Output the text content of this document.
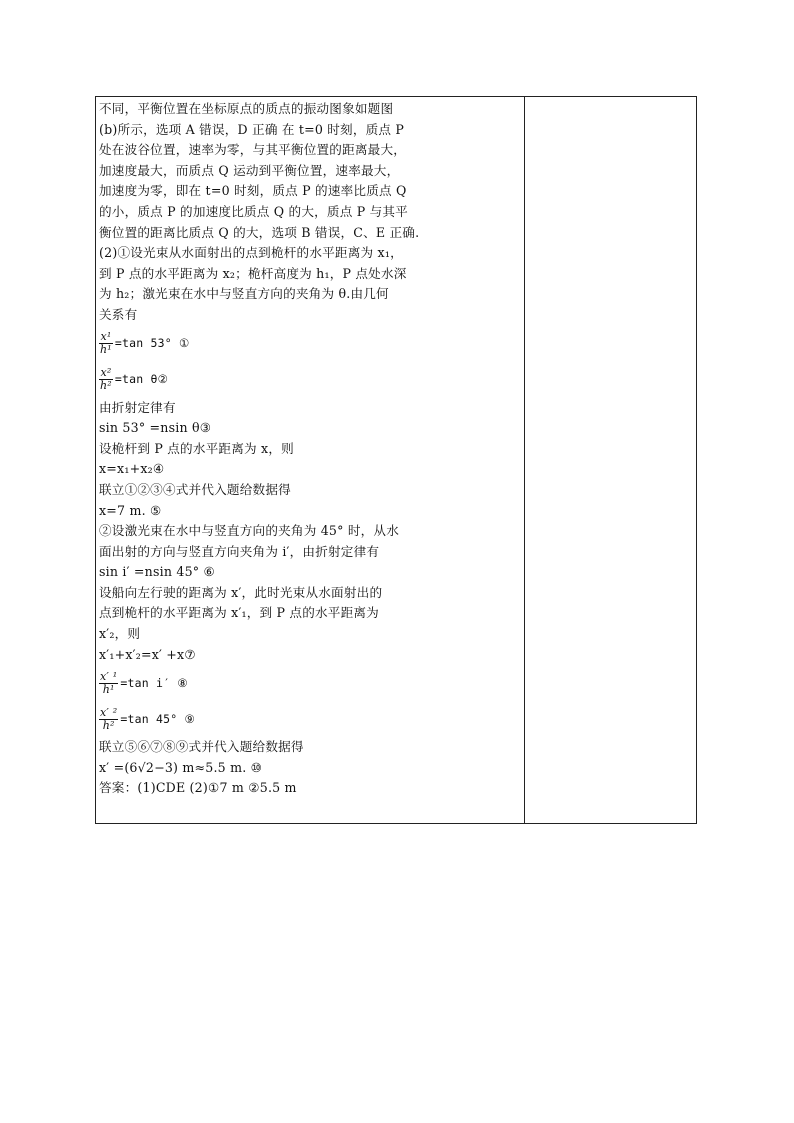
不同，平衡位置在坐标原点的质点的振动图象如题图
(b)所示，选项 A 错误，D 正确 在 t=0 时刻，质点 P
处在波谷位置，速率为零，与其平衡位置的距离最大，
加速度最大，而质点 Q 运动到平衡位置，速率最大，
加速度为零，即在 t=0 时刻，质点 P 的速率比质点 Q
的小，质点 P 的加速度比质点 Q 的大，质点 P 与其平
衡位置的距离比质点 Q 的大，选项 B 错误，C、E 正确.
(2)①设光束从水面射出的点到桅杆的水平距离为 x₁，
到 P 点的水平距离为 x₂；桅杆高度为 h₁，P 点处水深
为 h₂；激光束在水中与竖直方向的夹角为 θ.由几何
关系有
$\frac{\text{x¹}}{\text{h¹}} =\tan$ 53° ①
$\frac{\text{x²}}{\text{h²}} =\tan$ θ②
由折射定律有
sin 53° =nsin θ③
设桅杆到 P 点的水平距离为 x，则
x=x₁+x₂④
联立①②③④式并代入题给数据得
x=7 m. ⑤
②设激光束在水中与竖直方向的夹角为 45° 时，从水
面出射的方向与竖直方向夹角为 i′，由折射定律有
sin i′ =nsin 45° ⑥
设船向左行驶的距离为 x′，此时光束从水面射出的
点到桅杆的水平距离为 x′₁，到 P 点的水平距离为
x′₂，则
x′₁+x′₂=x′ +x⑦
$\frac{\text{x′ ¹}}{\text{h¹}} =\tan$ i′ ⑧
$\frac{\text{x′ ²}}{\text{h²}} =\tan$ 45° ⑨
联立⑤⑥⑦⑧⑨式并代入题给数据得
x′ =(6√2−3) m≈5.5 m. ⑩
答案：(1)CDE (2)①7 m ②5.5 m
